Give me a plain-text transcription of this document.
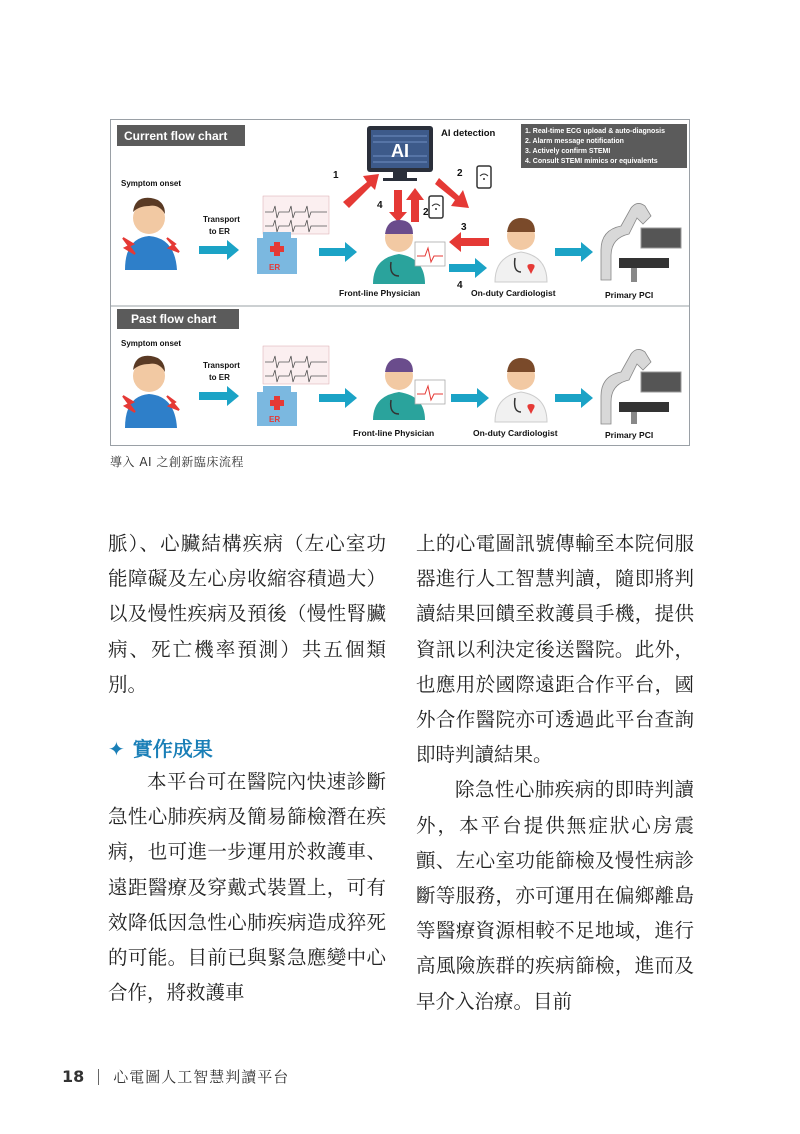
Current flow chart	1. Real-time ECG upload & auto-diagnosis
2. Alarm message notification
3. Actively confirm STEMI
4. Consult STEMI mimics or equivalents
AI
AI detection
1	2
4
2
Symptom onset
Transport
to ER
ER
Front-line Physician
3
4
On-duty Cardiologist	Primary PCI
Past flow chart
Symptom onset
Transport
to ER
ER
Front-line Physician	On-duty Cardiologist	Primary PCI
導入 AI 之創新臨床流程

脈）、心臟結構疾病（左心室功能障礙及左心房收縮容積過大）以及慢性疾病及預後（慢性腎臟病、死亡機率預測）共五個類別。

✦ 實作成果

本平台可在醫院內快速診斷急性心肺疾病及簡易篩檢潛在疾病，也可進一步運用於救護車、遠距醫療及穿戴式裝置上，可有效降低因急性心肺疾病造成猝死的可能。目前已與緊急應變中心合作，將救護車

上的心電圖訊號傳輸至本院伺服器進行人工智慧判讀，隨即將判讀結果回饋至救護員手機，提供資訊以利決定後送醫院。此外，也應用於國際遠距合作平台，國外合作醫院亦可透過此平台查詢即時判讀結果。

除急性心肺疾病的即時判讀外，本平台提供無症狀心房震顫、左心室功能篩檢及慢性病診斷等服務，亦可運用在偏鄉離島等醫療資源相較不足地域，進行高風險族群的疾病篩檢，進而及早介入治療。目前

18 心電圖人工智慧判讀平台
